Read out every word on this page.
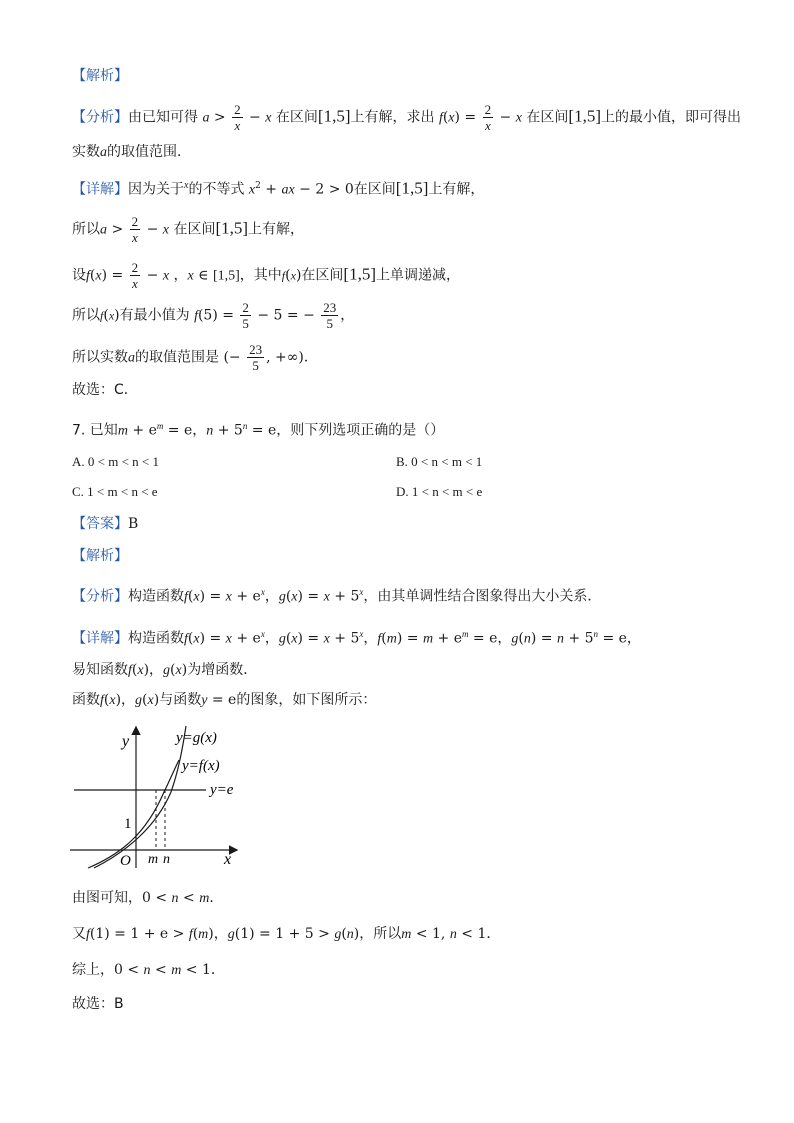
【解析】
【分析】由已知可得 $a > \frac{2}{x} - x$ 在区间[1,5]上有解，求出 $f(x) = \frac{2}{x} - x$ 在区间[1,5]上的最小值，即可得出
实数a的取值范围．
【详解】因为关于$^x$的不等式 $x^2$ + ax − 2 > 0在区间[1,5]上有解，
所以$a > \frac{2}{x} - x$ 在区间[1,5]上有解，
设$f(x) = \frac{2}{x} - x$ ，x ∈ [1,5]，其中f(x)在区间[1,5]上单调递减，
所以f(x)有最小值为 $f(5) = \frac{2}{5} - 5$ = − $\frac{23}{5}$ ，
所以实数a的取值范围是 (− $\frac{23}{5}$ , +∞)．
故选：C．
7. 已知$m + e^m = e$，$n + 5^n = e$，则下列选项正确的是（）
A. 0 < m < n < 1	B. 0 < n < m < 1
C. 1 < m < n < e	D. 1 < n < m < e
【答案】B
【解析】
【分析】构造函数$f(x) = x + e^x$，$g(x) = x + 5^x$，由其单调性结合图象得出大小关系．
【详解】构造函数$f(x) = x + e^x$，$g(x) = x + 5^x$，$f(m) = m + e^m = e$，$g(n) = n + 5^n = e$，
易知函数f(x)，g(x)为增函数．
函数f(x)，g(x)与函数y = e的图象，如下图所示：
y
x
O
1
m n
y=g(x)
y=f(x)
y=e
由图可知，0 < n < m．
又f(1) = 1 + e > f(m)，g(1) = 1 + 5 > g(n)，所以m < 1, n < 1．
综上，0 < n < m < 1．
故选：B
